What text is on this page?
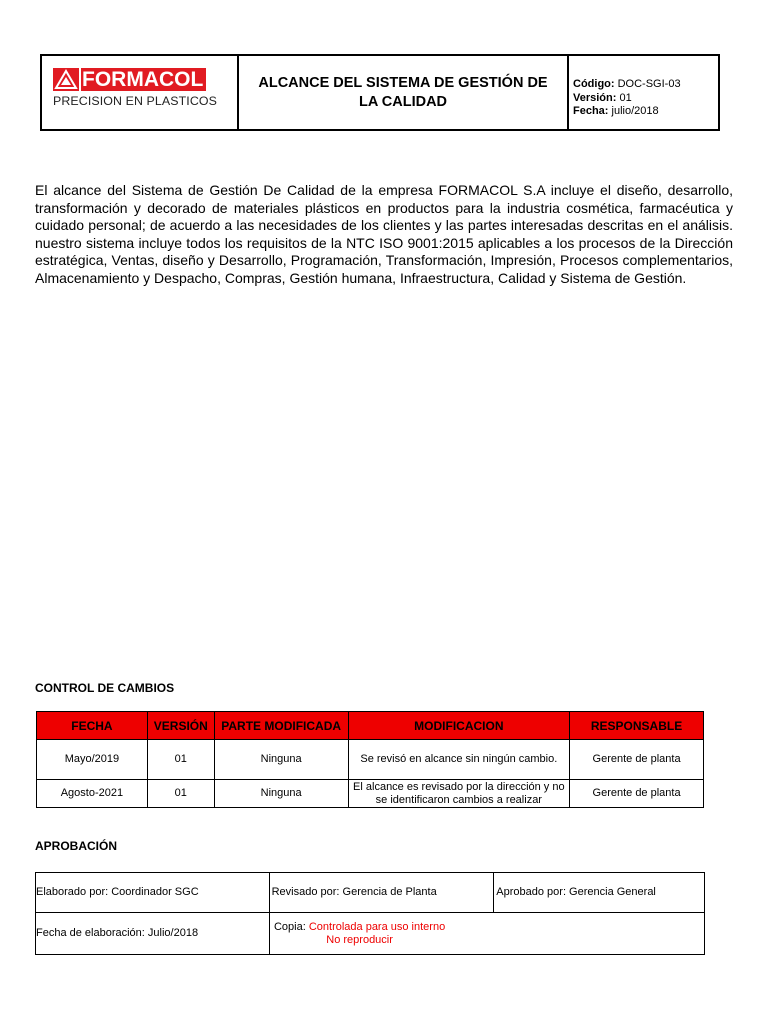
FORMACOL
PRECISION EN PLASTICOS
ALCANCE DEL SISTEMA DE GESTIÓN DE LA CALIDAD
Código: DOC-SGI-03
Versión: 01
Fecha: julio/2018
El alcance del Sistema de Gestión De Calidad de la empresa FORMACOL S.A incluye el diseño, desarrollo, transformación y decorado de materiales plásticos en productos para la industria cosmética, farmacéutica y cuidado personal; de acuerdo a las necesidades de los clientes y las partes interesadas descritas en el análisis. nuestro sistema incluye todos los requisitos de la NTC ISO 9001:2015 aplicables a los procesos de la Dirección estratégica, Ventas, diseño y Desarrollo, Programación, Transformación, Impresión, Procesos complementarios, Almacenamiento y Despacho, Compras, Gestión humana, Infraestructura, Calidad y Sistema de Gestión.
CONTROL DE CAMBIOS
FECHA	VERSIÓN	PARTE MODIFICADA	MODIFICACION	RESPONSABLE
Mayo/2019	01	Ninguna	Se revisó en alcance sin ningún cambio.	Gerente de planta
Agosto-2021	01	Ninguna	El alcance es revisado por la dirección y no se identificaron cambios a realizar	Gerente de planta
APROBACIÓN
Elaborado por: Coordinador SGC	Revisado por: Gerencia de Planta	Aprobado por: Gerencia General
Fecha de elaboración: Julio/2018	Copia: Controlada para uso interno
No reproducir	
